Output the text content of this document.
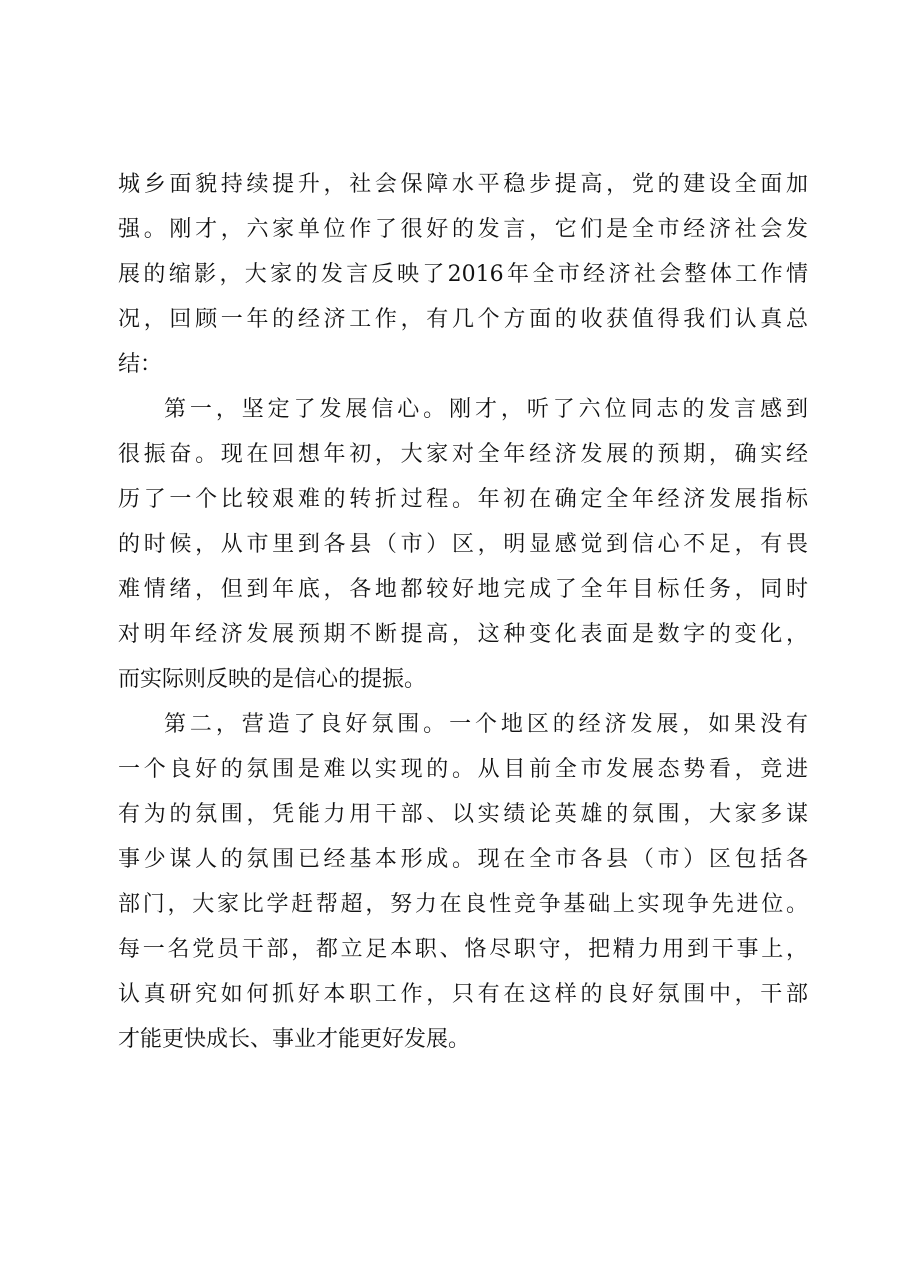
城乡面貌持续提升，社会保障水平稳步提高，党的建设全面加
强。刚才，六家单位作了很好的发言，它们是全市经济社会发
展的缩影，大家的发言反映了2016年全市经济社会整体工作情
况，回顾一年的经济工作，有几个方面的收获值得我们认真总
结：
第一，坚定了发展信心。刚才，听了六位同志的发言感到
很振奋。现在回想年初，大家对全年经济发展的预期，确实经
历了一个比较艰难的转折过程。年初在确定全年经济发展指标
的时候，从市里到各县（市）区，明显感觉到信心不足，有畏
难情绪，但到年底，各地都较好地完成了全年目标任务，同时
对明年经济发展预期不断提高，这种变化表面是数字的变化，
而实际则反映的是信心的提振。
第二，营造了良好氛围。一个地区的经济发展，如果没有
一个良好的氛围是难以实现的。从目前全市发展态势看，竞进
有为的氛围，凭能力用干部、以实绩论英雄的氛围，大家多谋
事少谋人的氛围已经基本形成。现在全市各县（市）区包括各
部门，大家比学赶帮超，努力在良性竞争基础上实现争先进位。
每一名党员干部，都立足本职、恪尽职守，把精力用到干事上，
认真研究如何抓好本职工作，只有在这样的良好氛围中，干部
才能更快成长、事业才能更好发展。
